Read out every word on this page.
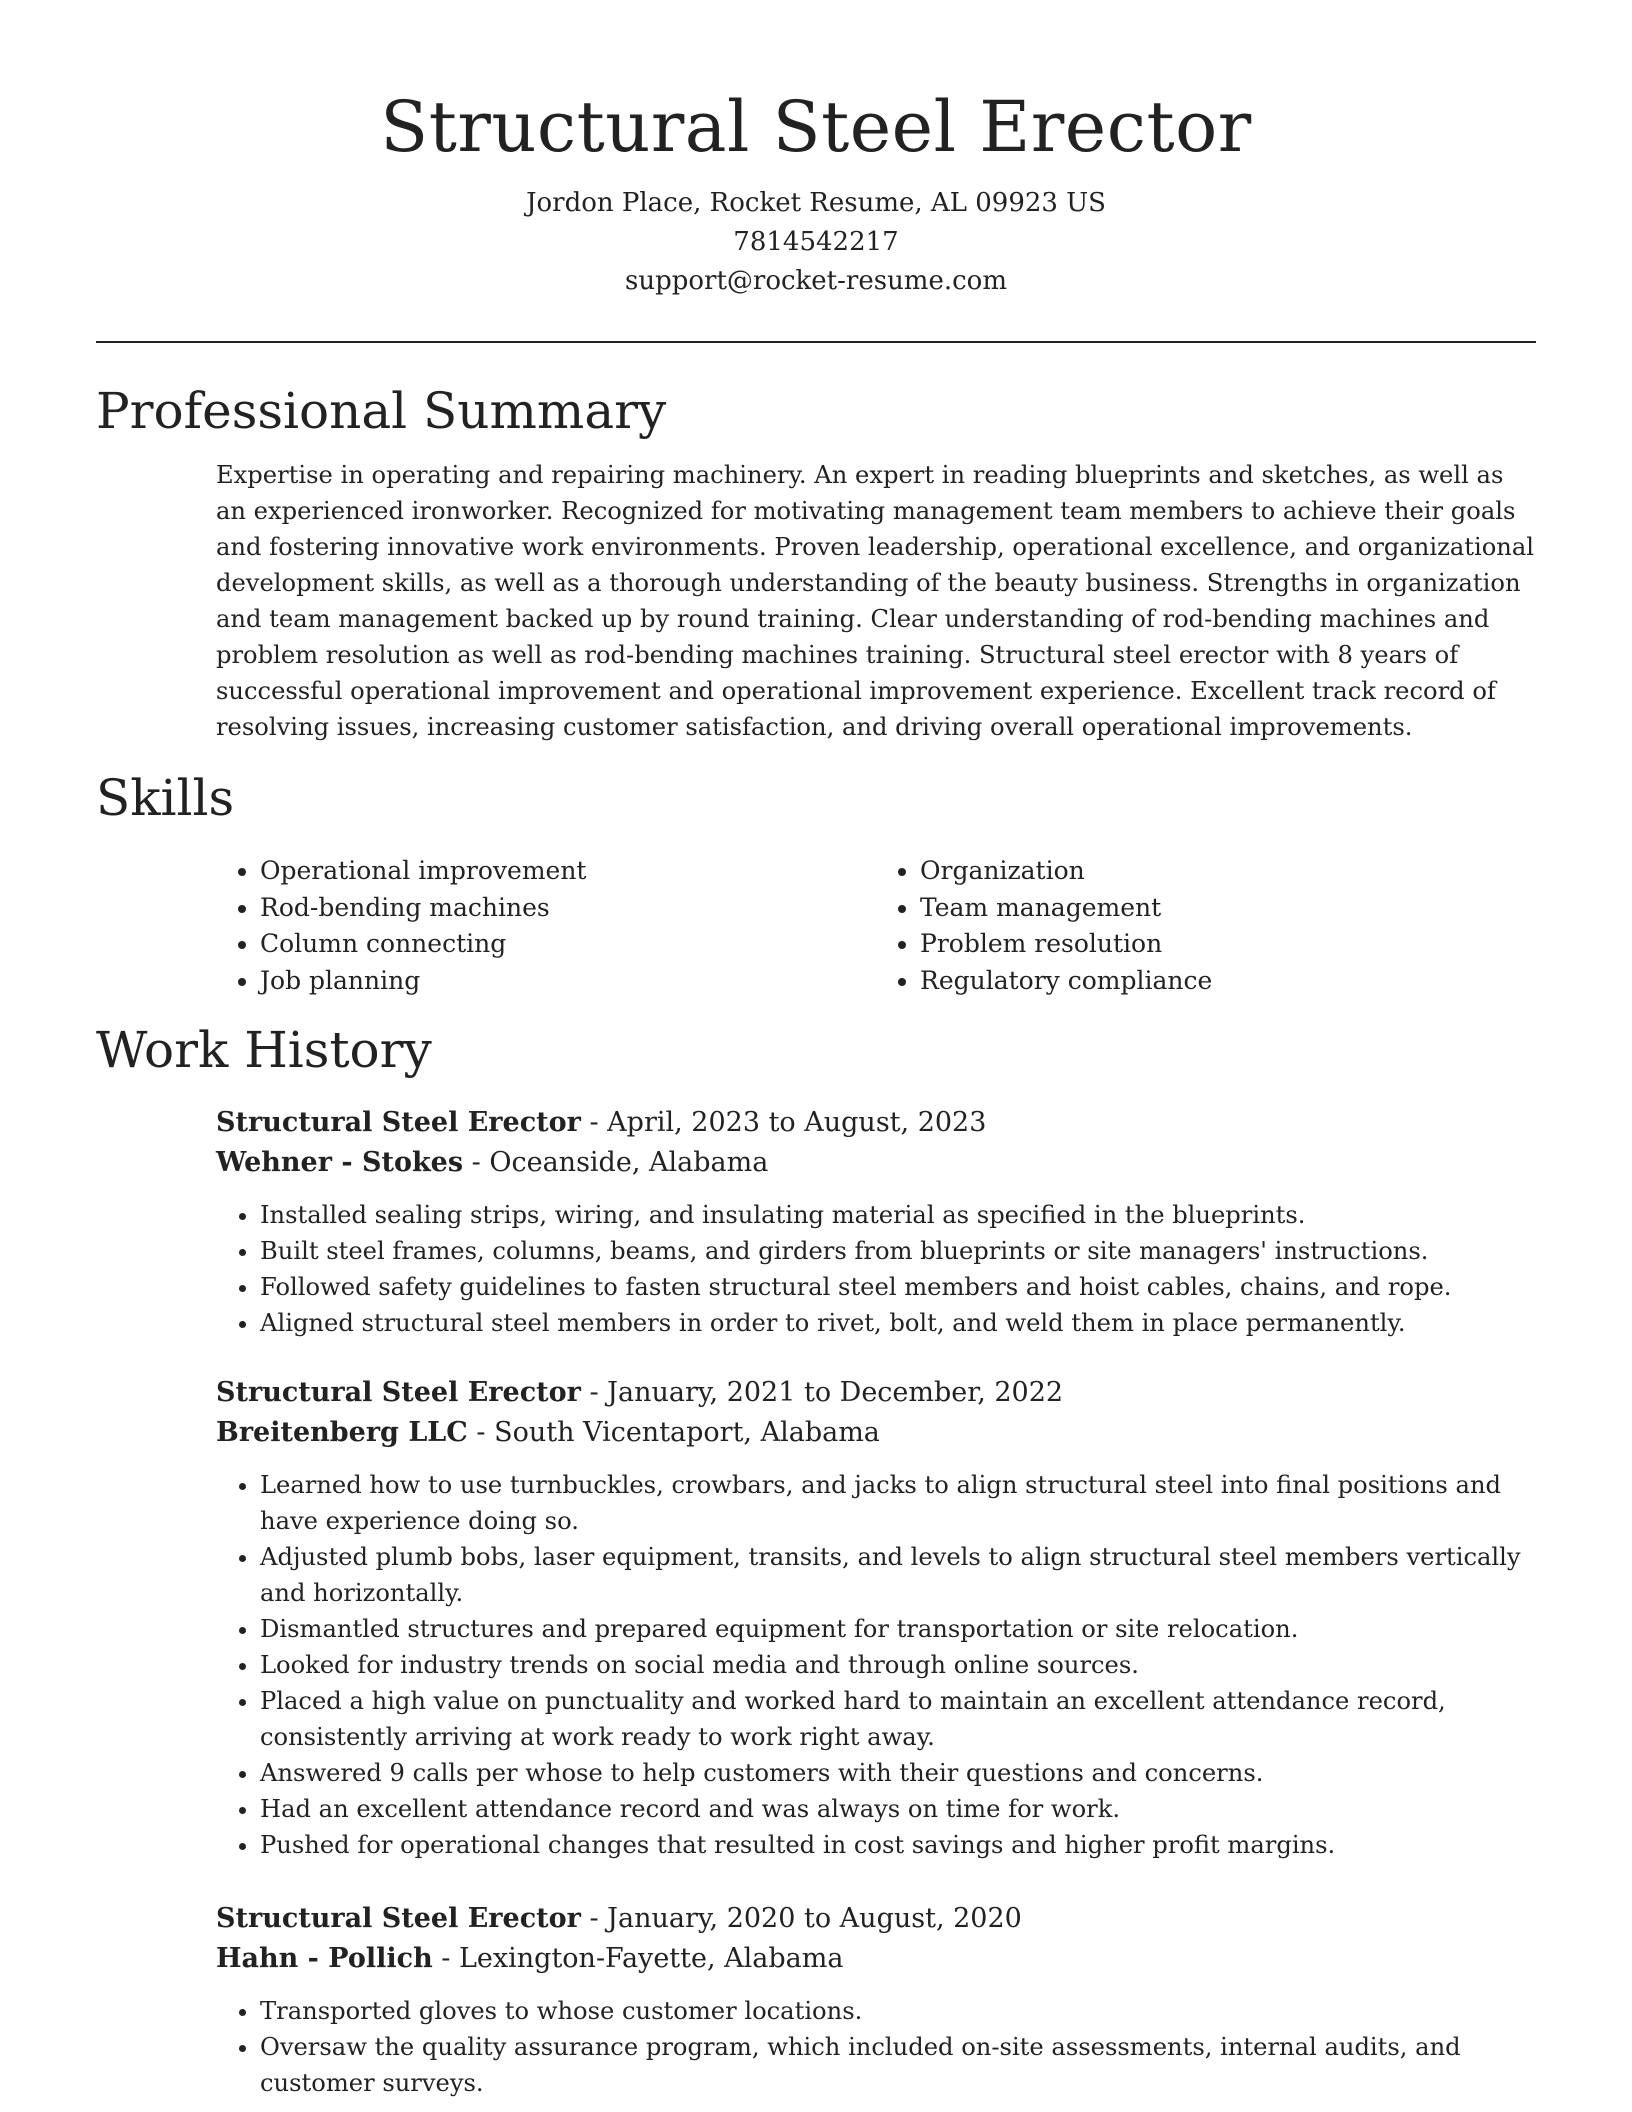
Structural Steel Erector

Jordon Place, Rocket Resume, AL 09923 US

7814542217

support@rocket-resume.com

Professional Summary

Expertise in operating and repairing machinery. An expert in reading blueprints and sketches, as well as an experienced ironworker. Recognized for motivating management team members to achieve their goals and fostering innovative work environments. Proven leadership, operational excellence, and organizational development skills, as well as a thorough understanding of the beauty business. Strengths in organization and team management backed up by round training. Clear understanding of rod-bending machines and problem resolution as well as rod-bending machines training. Structural steel erector with 8 years of successful operational improvement and operational improvement experience. Excellent track record of resolving issues, increasing customer satisfaction, and driving overall operational improvements.

Skills
• Operational improvement
• Rod-bending machines
• Column connecting
• Job planning
• Organization
• Team management
• Problem resolution
• Regulatory compliance
Work History

Structural Steel Erector - April, 2023 to August, 2023

Wehner - Stokes - Oceanside, Alabama

• Installed sealing strips, wiring, and insulating material as specified in the blueprints.
• Built steel frames, columns, beams, and girders from blueprints or site managers' instructions.
• Followed safety guidelines to fasten structural steel members and hoist cables, chains, and rope.
• Aligned structural steel members in order to rivet, bolt, and weld them in place permanently.

Structural Steel Erector - January, 2021 to December, 2022

Breitenberg LLC - South Vicentaport, Alabama

• Learned how to use turnbuckles, crowbars, and jacks to align structural steel into final positions and have experience doing so.
• Adjusted plumb bobs, laser equipment, transits, and levels to align structural steel members vertically and horizontally.
• Dismantled structures and prepared equipment for transportation or site relocation.
• Looked for industry trends on social media and through online sources.
• Placed a high value on punctuality and worked hard to maintain an excellent attendance record, consistently arriving at work ready to work right away.
• Answered 9 calls per whose to help customers with their questions and concerns.
• Had an excellent attendance record and was always on time for work.
• Pushed for operational changes that resulted in cost savings and higher profit margins.

Structural Steel Erector - January, 2020 to August, 2020

Hahn - Pollich - Lexington-Fayette, Alabama

• Transported gloves to whose customer locations.
• Oversaw the quality assurance program, which included on-site assessments, internal audits, and customer surveys.
